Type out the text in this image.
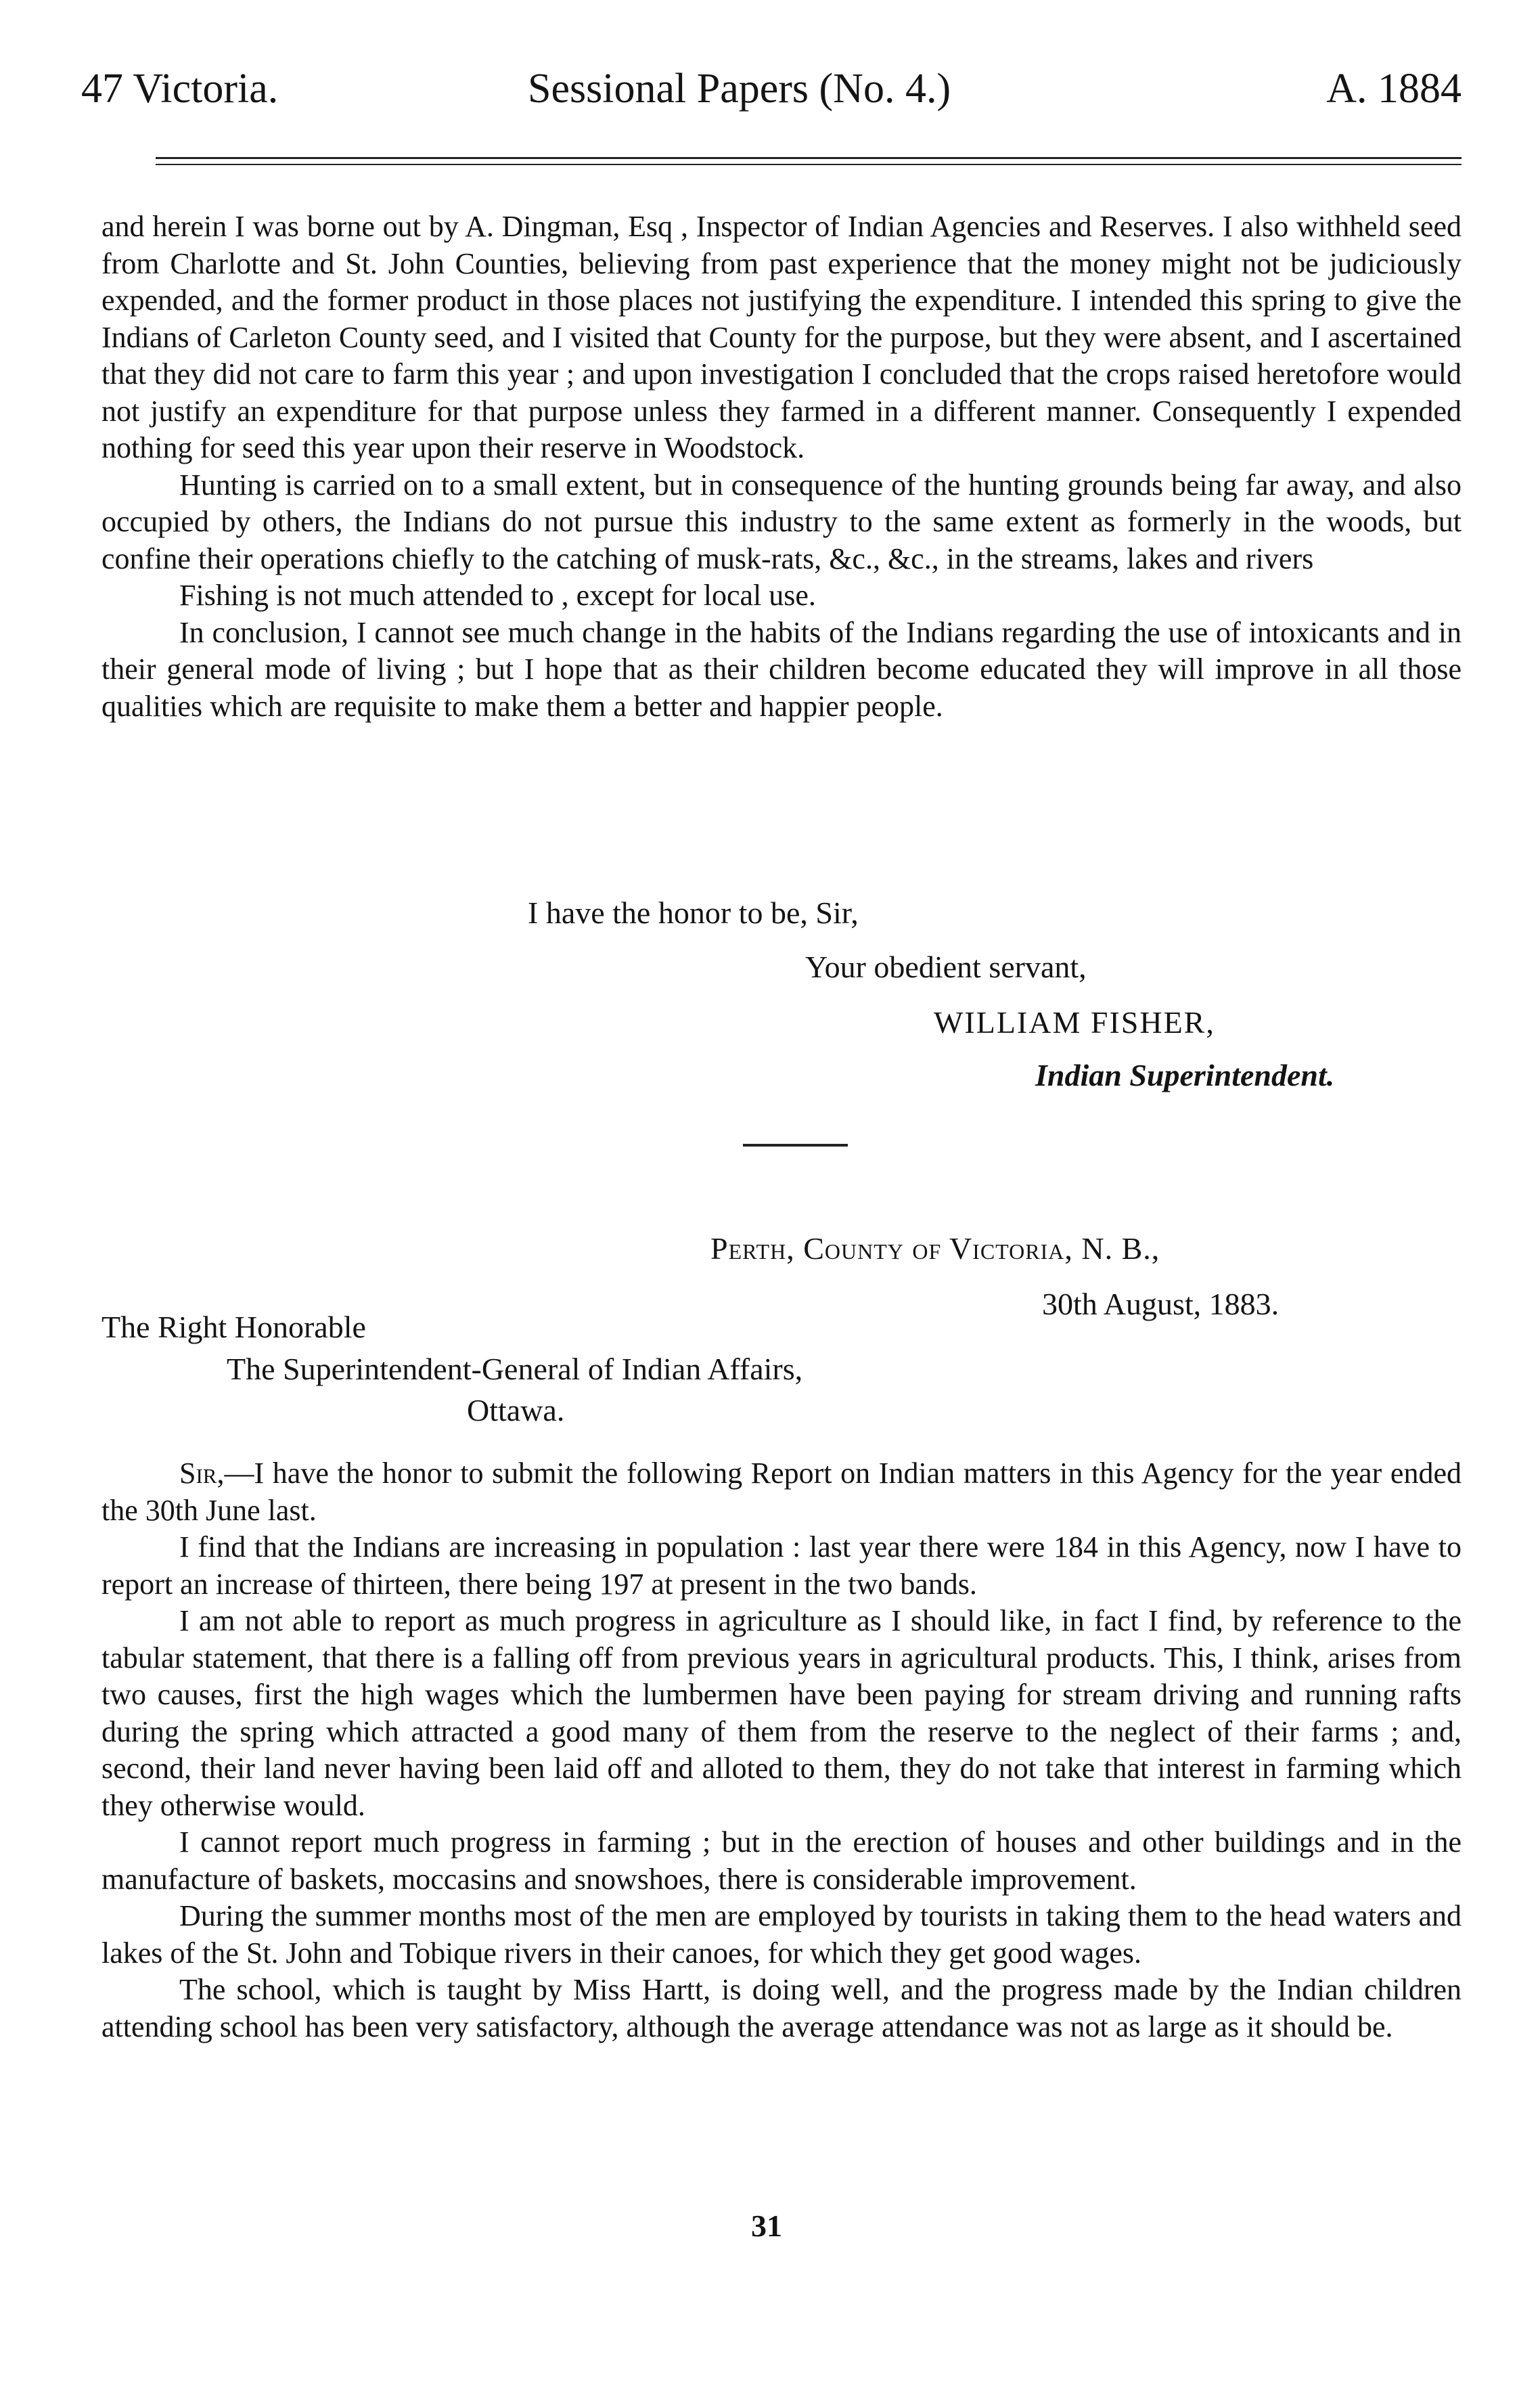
47 Victoria.	Sessional Papers (No. 4.)	A. 1884

and herein I was borne out by A. Dingman, Esq , Inspector of Indian Agencies and Reserves. I also withheld seed from Charlotte and St. John Counties, believing from past experience that the money might not be judiciously expended, and the former product in those places not justifying the expenditure. I intended this spring to give the Indians of Carleton County seed, and I visited that County for the purpose, but they were absent, and I ascertained that they did not care to farm this year ; and upon investigation I concluded that the crops raised heretofore would not justify an expenditure for that purpose unless they farmed in a different manner. Consequently I expended nothing for seed this year upon their reserve in Woodstock.

Hunting is carried on to a small extent, but in consequence of the hunting grounds being far away, and also occupied by others, the Indians do not pursue this industry to the same extent as formerly in the woods, but confine their operations chiefly to the catching of musk-rats, &c., &c., in the streams, lakes and rivers

Fishing is not much attended to , except for local use.

In conclusion, I cannot see much change in the habits of the Indians regarding the use of intoxicants and in their general mode of living ; but I hope that as their children become educated they will improve in all those qualities which are requisite to make them a better and happier people.

I have the honor to be, Sir,
Your obedient servant,
WILLIAM FISHER,
Indian Superintendent.
Perth, County of Victoria, N. B.,
30th August, 1883.
The Right Honorable
The Superintendent-General of Indian Affairs,
Ottawa.

Sir,—I have the honor to submit the following Report on Indian matters in this Agency for the year ended the 30th June last.

I find that the Indians are increasing in population : last year there were 184 in this Agency, now I have to report an increase of thirteen, there being 197 at present in the two bands.

I am not able to report as much progress in agriculture as I should like, in fact I find, by reference to the tabular statement, that there is a falling off from previous years in agricultural products. This, I think, arises from two causes, first the high wages which the lumbermen have been paying for stream driving and running rafts during the spring which attracted a good many of them from the reserve to the neglect of their farms ; and, second, their land never having been laid off and alloted to them, they do not take that interest in farming which they otherwise would.

I cannot report much progress in farming ; but in the erection of houses and other buildings and in the manufacture of baskets, moccasins and snowshoes, there is considerable improvement.

During the summer months most of the men are employed by tourists in taking them to the head waters and lakes of the St. John and Tobique rivers in their canoes, for which they get good wages.

The school, which is taught by Miss Hartt, is doing well, and the progress made by the Indian children attending school has been very satisfactory, although the average attendance was not as large as it should be.

31
